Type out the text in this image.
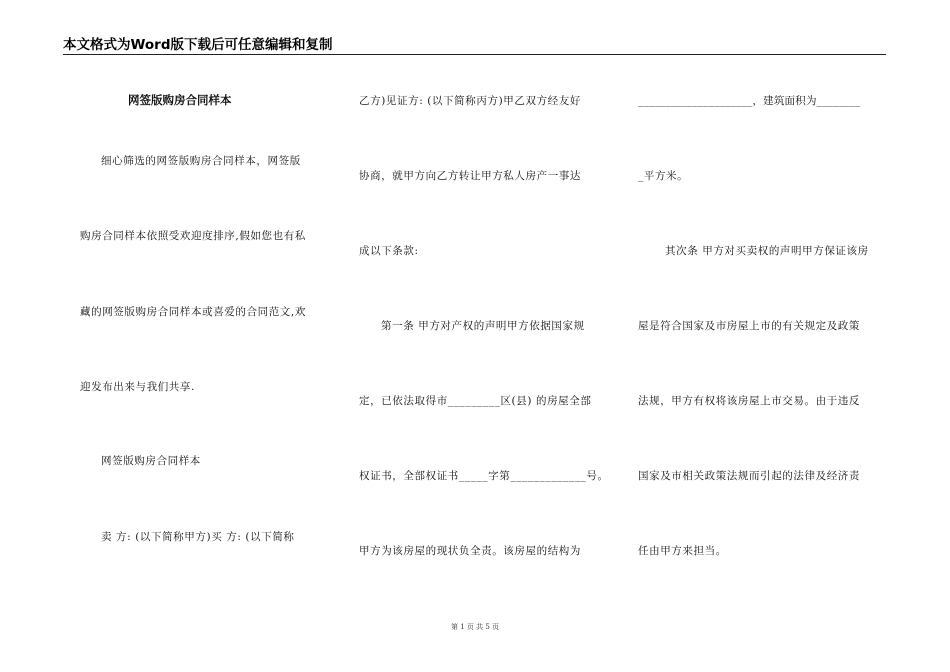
本文格式为Word版下载后可任意编辑和复制
网签版购房合同样本
细心筛选的网签版购房合同样本，网签版
购房合同样本依照受欢迎度排序,假如您也有私
藏的网签版购房合同样本或喜爱的合同范文,欢
迎发布出来与我们共享.
网签版购房合同样本
卖 方: (以下简称甲方)买 方: (以下简称
乙方)见证方: (以下简称丙方)甲乙双方经友好
协商，就甲方向乙方转让甲方私人房产一事达
成以下条款:
第一条 甲方对产权的声明甲方依据国家规
定，已依法取得市_________区(县) 的房屋全部
权证书，全部权证书_____字第_____________号。
甲方为该房屋的现状负全责。该房屋的结构为
_____________________，建筑面积为________
_平方米。
其次条 甲方对买卖权的声明甲方保证该房
屋是符合国家及市房屋上市的有关规定及政策
法规，甲方有权将该房屋上市交易。由于违反
国家及市相关政策法规而引起的法律及经济责
任由甲方来担当。
第 1 页 共 5 页
